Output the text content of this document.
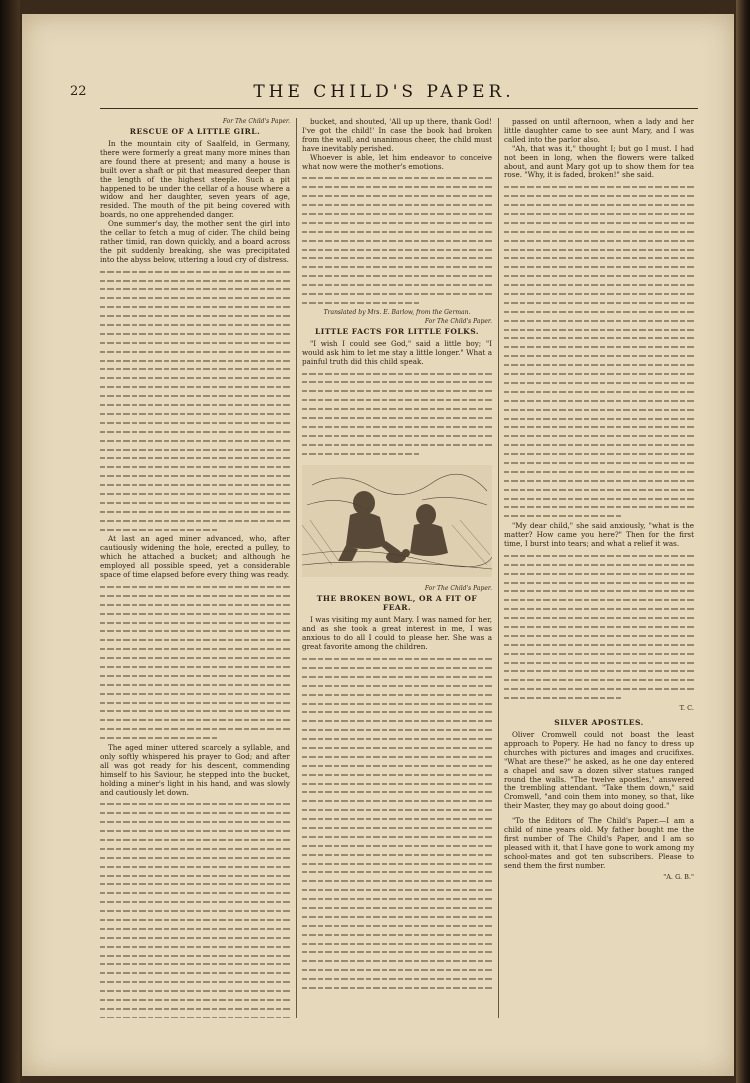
22	THE CHILD'S PAPER.
For The Child's Paper.
RESCUE OF A LITTLE GIRL.

In the mountain city of Saalfeld, in Germany, there were formerly a great many more mines than are found there at present; and many a house is built over a shaft or pit that measured deeper than the length of the highest steeple. Such a pit happened to be under the cellar of a house where a widow and her daughter, seven years of age, resided. The mouth of the pit being covered with boards, no one apprehended danger.

One summer's day, the mother sent the girl into the cellar to fetch a mug of cider. The child being rather timid, ran down quickly, and a board across the pit suddenly breaking, she was precipitated into the abyss below, uttering a loud cry of distress.

At last an aged miner advanced, who, after cautiously widening the hole, erected a pulley, to which he attached a bucket; and although he employed all possible speed, yet a considerable space of time elapsed before every thing was ready.

The aged miner uttered scarcely a syllable, and only softly whispered his prayer to God; and after all was got ready for his descent, commending himself to his Saviour, he stepped into the bucket, holding a miner's light in his hand, and was slowly and cautiously let down.

bucket, and shouted, 'All up up there, thank God! I've got the child!' In case the book had broken from the wall, and unanimous cheer, the child must have inevitably perished.

Whoever is able, let him endeavor to conceive what now were the mother's emotions.

Translated by Mrs. E. Barlow, from the German.
For The Child's Paper.
LITTLE FACTS FOR LITTLE FOLKS.

"I wish I could see God," said a little boy; "I would ask him to let me stay a little longer." What a painful truth did this child speak.

For The Child's Paper.
THE BROKEN BOWL, OR A FIT OF FEAR.

I was visiting my aunt Mary. I was named for her, and as she took a great interest in me, I was anxious to do all I could to please her. She was a great favorite among the children.

passed on until afternoon, when a lady and her little daughter came to see aunt Mary, and I was called into the parlor also.

"Ah, that was it," thought I; but go I must. I had not been in long, when the flowers were talked about, and aunt Mary got up to show them for tea rose. "Why, it is faded, broken!" she said.

"My dear child," she said anxiously, "what is the matter? How came you here?" Then for the first time, I burst into tears; and what a relief it was.

T. C.
SILVER APOSTLES.

Oliver Cromwell could not boast the least approach to Popery. He had no fancy to dress up churches with pictures and images and crucifixes. "What are these?" he asked, as he one day entered a chapel and saw a dozen silver statues ranged round the walls. "The twelve apostles," answered the trembling attendant. "Take them down," said Cromwell, "and coin them into money, so that, like their Master, they may go about doing good."

"To the Editors of The Child's Paper.—I am a child of nine years old. My father bought me the first number of The Child's Paper, and I am so pleased with it, that I have gone to work among my school-mates and got ten subscribers. Please to send them the first number.

"A. G. B."
